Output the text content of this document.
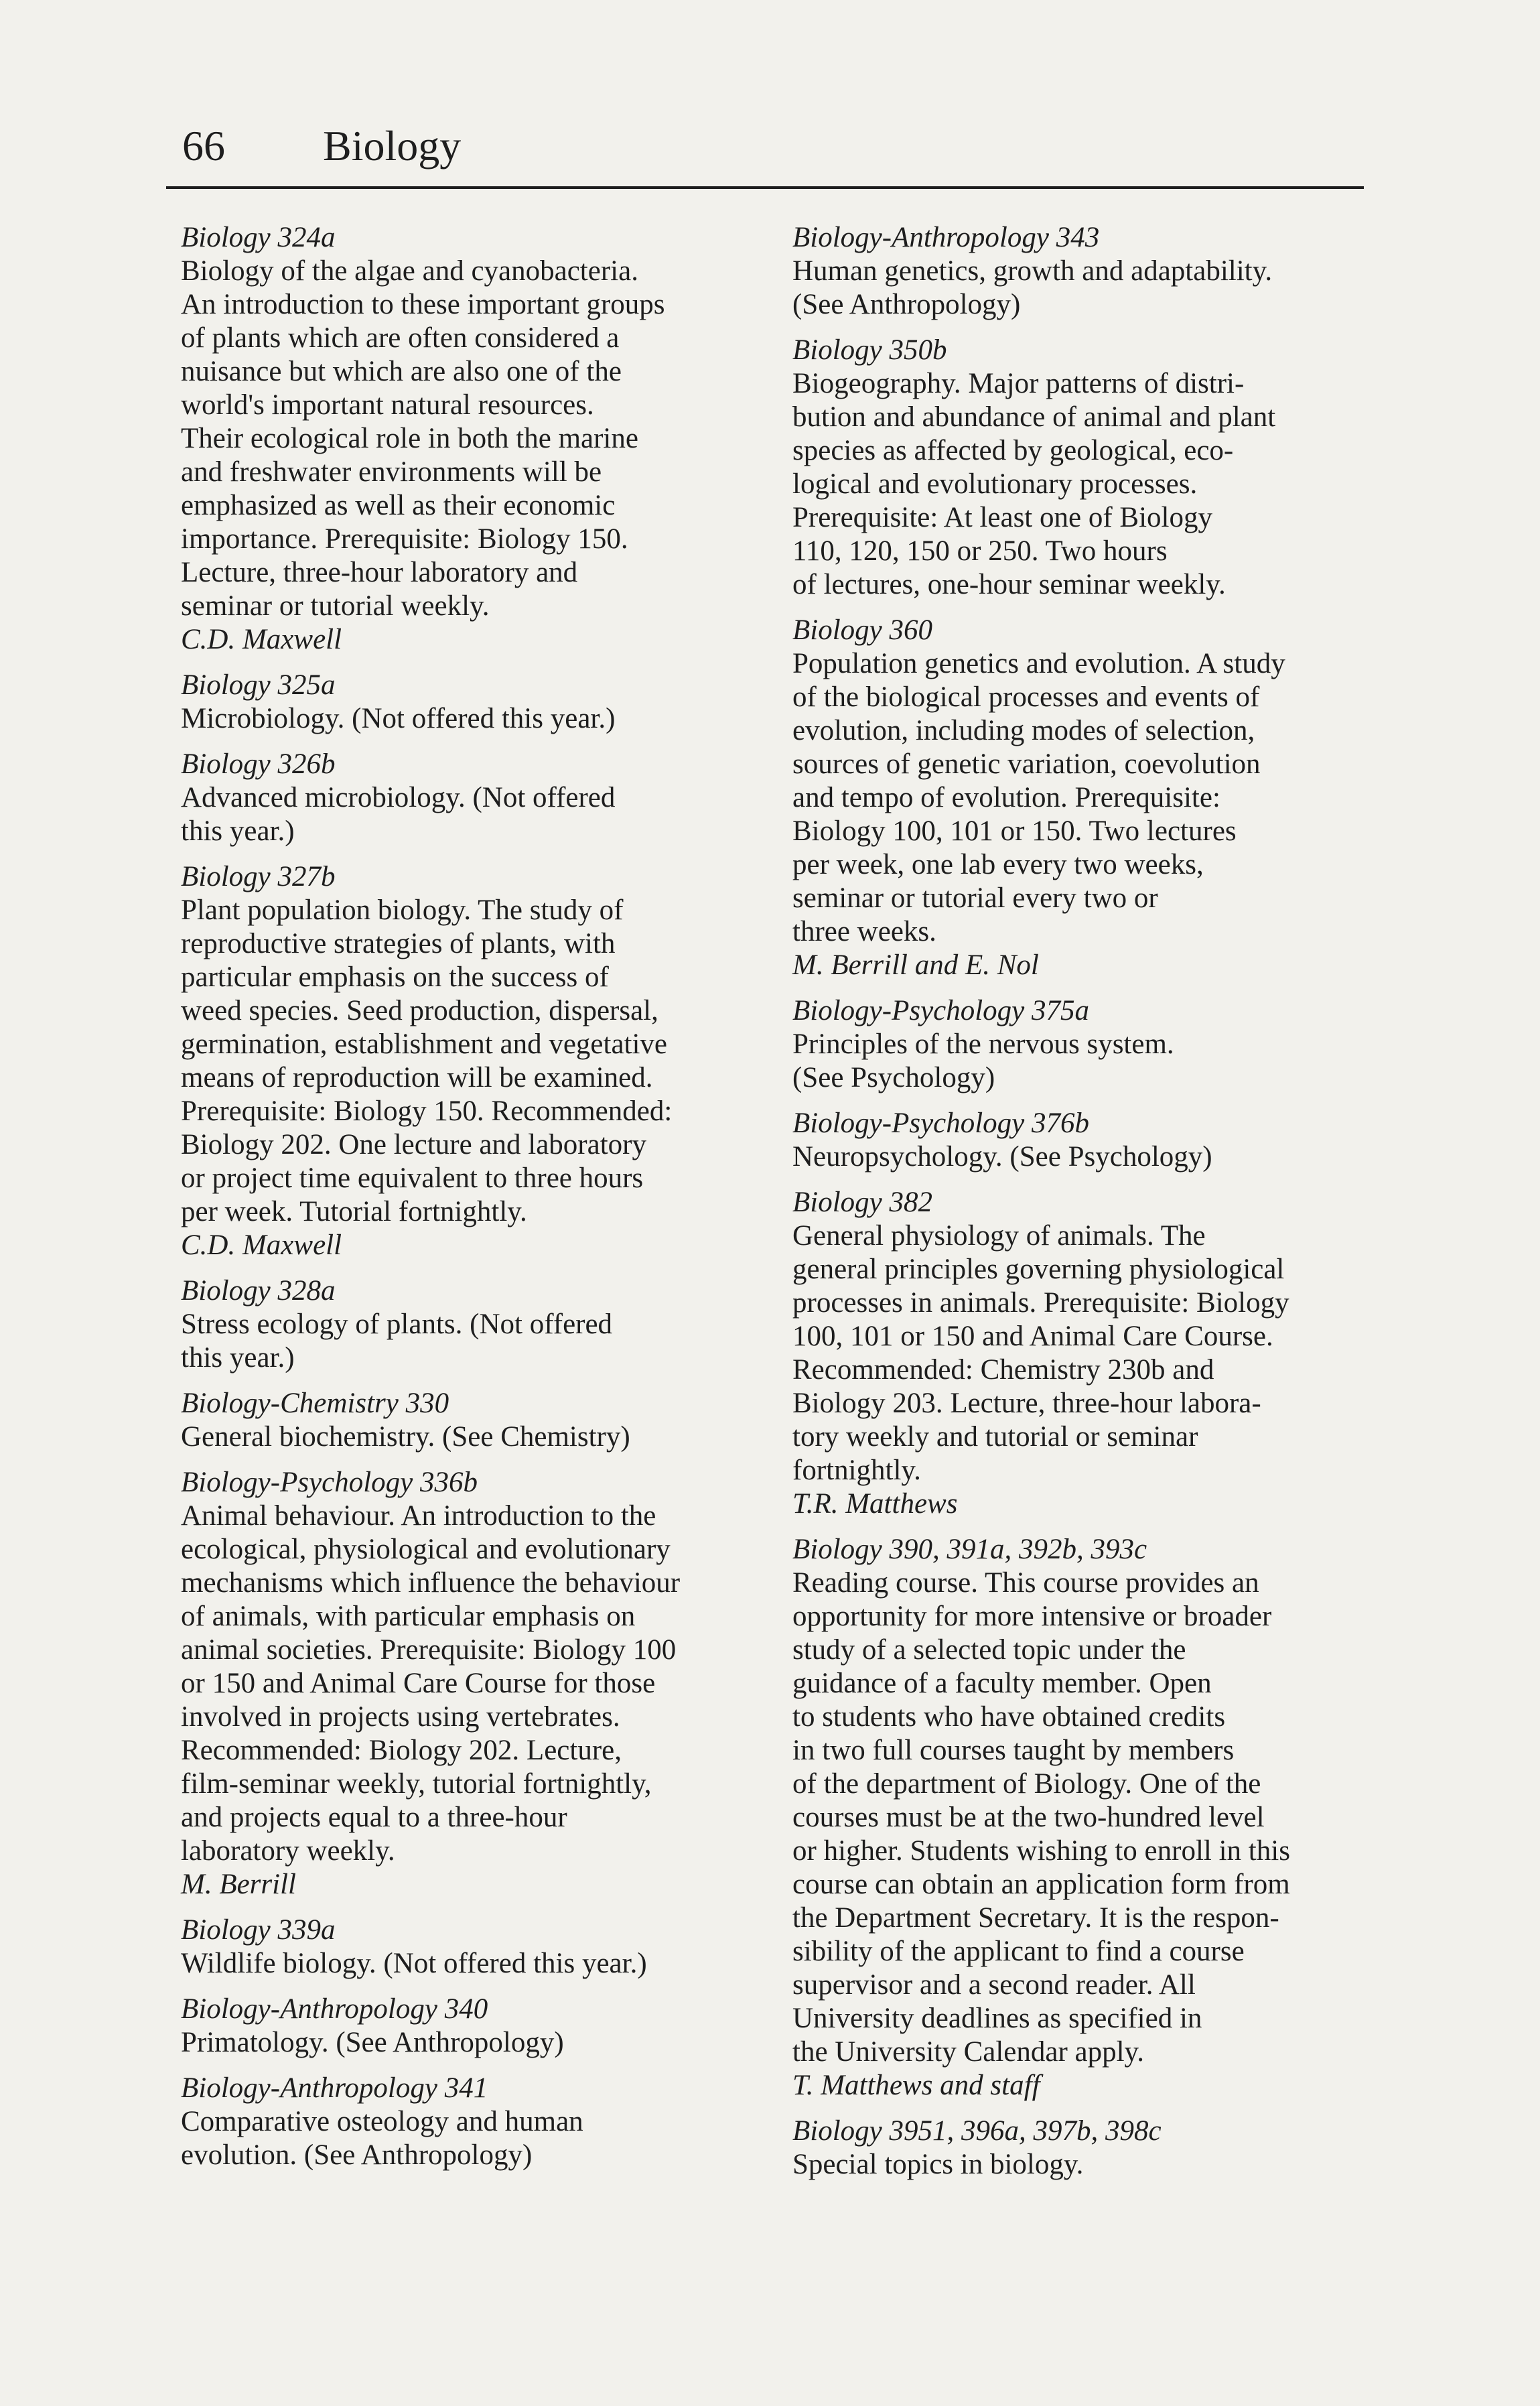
66 Biology
Biology 324a
Biology of the algae and cyanobacteria.
An introduction to these important groups
of plants which are often considered a
nuisance but which are also one of the
world's important natural resources.
Their ecological role in both the marine
and freshwater environments will be
emphasized as well as their economic
importance. Prerequisite: Biology 150.
Lecture, three-hour laboratory and
seminar or tutorial weekly.
C.D. Maxwell
Biology 325a
Microbiology. (Not offered this year.)
Biology 326b
Advanced microbiology. (Not offered
this year.)
Biology 327b
Plant population biology. The study of
reproductive strategies of plants, with
particular emphasis on the success of
weed species. Seed production, dispersal,
germination, establishment and vegetative
means of reproduction will be examined.
Prerequisite: Biology 150. Recommended:
Biology 202. One lecture and laboratory
or project time equivalent to three hours
per week. Tutorial fortnightly.
C.D. Maxwell
Biology 328a
Stress ecology of plants. (Not offered
this year.)
Biology-Chemistry 330
General biochemistry. (See Chemistry)
Biology-Psychology 336b
Animal behaviour. An introduction to the
ecological, physiological and evolutionary
mechanisms which influence the behaviour
of animals, with particular emphasis on
animal societies. Prerequisite: Biology 100
or 150 and Animal Care Course for those
involved in projects using vertebrates.
Recommended: Biology 202. Lecture,
film-seminar weekly, tutorial fortnightly,
and projects equal to a three-hour
laboratory weekly.
M. Berrill
Biology 339a
Wildlife biology. (Not offered this year.)
Biology-Anthropology 340
Primatology. (See Anthropology)
Biology-Anthropology 341
Comparative osteology and human
evolution. (See Anthropology)
Biology-Anthropology 343
Human genetics, growth and adaptability.
(See Anthropology)
Biology 350b
Biogeography. Major patterns of distri-
bution and abundance of animal and plant
species as affected by geological, eco-
logical and evolutionary processes.
Prerequisite: At least one of Biology
110, 120, 150 or 250. Two hours
of lectures, one-hour seminar weekly.
Biology 360
Population genetics and evolution. A study
of the biological processes and events of
evolution, including modes of selection,
sources of genetic variation, coevolution
and tempo of evolution. Prerequisite:
Biology 100, 101 or 150. Two lectures
per week, one lab every two weeks,
seminar or tutorial every two or
three weeks.
M. Berrill and E. Nol
Biology-Psychology 375a
Principles of the nervous system.
(See Psychology)
Biology-Psychology 376b
Neuropsychology. (See Psychology)
Biology 382
General physiology of animals. The
general principles governing physiological
processes in animals. Prerequisite: Biology
100, 101 or 150 and Animal Care Course.
Recommended: Chemistry 230b and
Biology 203. Lecture, three-hour labora-
tory weekly and tutorial or seminar
fortnightly.
T.R. Matthews
Biology 390, 391a, 392b, 393c
Reading course. This course provides an
opportunity for more intensive or broader
study of a selected topic under the
guidance of a faculty member. Open
to students who have obtained credits
in two full courses taught by members
of the department of Biology. One of the
courses must be at the two-hundred level
or higher. Students wishing to enroll in this
course can obtain an application form from
the Department Secretary. It is the respon-
sibility of the applicant to find a course
supervisor and a second reader. All
University deadlines as specified in
the University Calendar apply.
T. Matthews and staff
Biology 3951, 396a, 397b, 398c
Special topics in biology.
